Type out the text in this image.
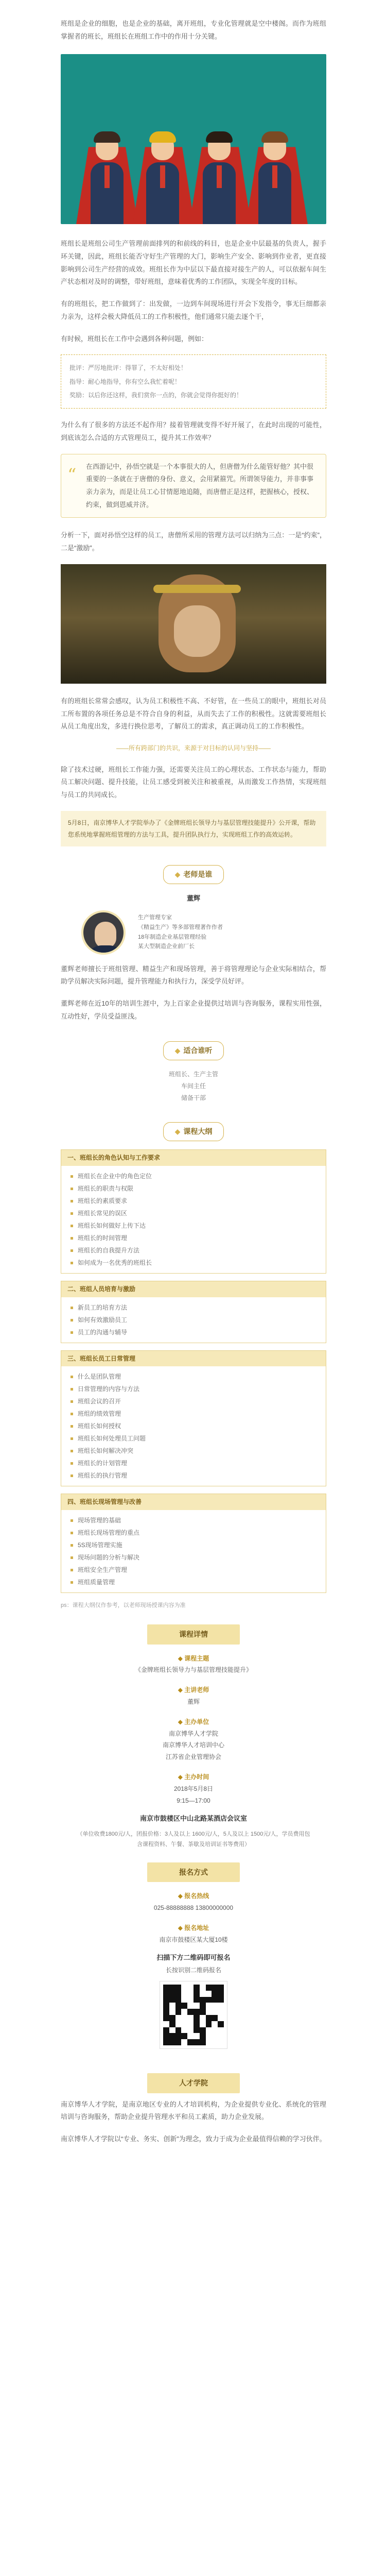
班组是企业的细胞，也是企业的基础，离开班组，专业化管理就是空中楼阁。而作为班组掌握者的班长，班组长在班组工作中的作用十分关键。

班组长是班组公司生产管理前面排列的和前线的科目，也是企业中层最基的负责人，握手环关键，因此，班组长能否守好生产管理的大门，影响生产安全、影响到作业者，更直接影响到公司生产经营的成效。班组长作为中层以下最直接对接生产的人，可以依据车间生产状态相对及时的调整，带好班组，意味着优秀的工作团队，实现全年度的目标。

有的班组长，把工作做到了：出发做，一边到车间现场进行开会下发指令，事无巨细都亲力亲为，这样会极大降低员工的工作积极性，他们通常只能去逐个干，

有时候，班组长在工作中会遇到各种问题，例如：

批评：严厉地批评：得罪了，不太好相处！
指导：耐心地指导，你有空么我忙着呢！
奖励：以后你还这样，我们赏你一点的，你就会觉得你挺好的！

为什么有了很多的方法还不起作用？接着管理就变得不好开展了，在此时出现的可能性，到底该怎么合适的方式管理员工，提升其工作效率？

“ 在西游记中，孙悟空就是一个本事很大的人，但唐僧为什么能管好他？其中很重要的一条就在于唐僧的身份、意义，会用紧箍咒。所谓领导能力，并非事事亲力亲为，而是让员工心甘情愿地追随，而唐僧正是这样，把握核心，授权、约束，做到恩威并济。

分析一下，面对孙悟空这样的员工，唐僧所采用的管理方法可以归纳为三点：一是“约束”，二是“激励”。

有的班组长常常会感叹，认为员工积极性不高、不好管，在一些员工的眼中，班组长对员工所布置的各项任务总是不符合自身的利益，从而失去了工作的积极性。这就需要班组长从员工角度出发，多进行换位思考，了解员工的需求，真正调动员工的工作积极性。

——所有跨部门的共识，来源于对目标的认同与坚持——

除了技术过硬，班组长工作能力强，还需要关注员工的心理状态、工作状态与能力，帮助员工解决问题、提升技能，让员工感受到被关注和被重视，从而激发工作热情，实现班组与员工的共同成长。

5月8日，南京博华人才学院举办了《金牌班组长领导力与基层管理技能提升》公开课，帮助您系统地掌握班组管理的方法与工具，提升团队执行力，实现班组工作的高效运转。
◆ 老师是谁
董辉
生产管理专家
《精益生产》等多部管理著作作者
18年制造企业基层管理经验
某大型制造企业前厂长

董辉老师擅长于班组管理、精益生产和现场管理，善于将管理理论与企业实际相结合，帮助学员解决实际问题，提升管理能力和执行力，深受学员好评。

董辉老师在近10年的培训生涯中，为上百家企业提供过培训与咨询服务，课程实用性强，互动性好，学员受益匪浅。

◆ 适合谁听
班组长、生产主管
车间主任
储备干部
◆ 课程大纲
一、班组长的角色认知与工作要求
班组长在企业中的角色定位
班组长的职责与权限
班组长的素质要求
班组长常见的误区
班组长如何做好上传下达
班组长的时间管理
班组长的自我提升方法
如何成为一名优秀的班组长
二、班组人员培育与激励
新员工的培育方法
如何有效激励员工
员工的沟通与辅导
三、班组长员工日常管理
什么是团队管理
日常管理的内容与方法
班组会议的召开
班组的绩效管理
班组长如何授权
班组长如何处理员工问题
班组长如何解决冲突
班组长的计划管理
班组长的执行管理
四、班组长现场管理与改善
现场管理的基础
班组长现场管理的重点
5S现场管理实施
现场问题的分析与解决
班组安全生产管理
班组质量管理
ps：课程大纲仅作参考，以老师现场授课内容为准
课程详情
◆ 课程主题
《金牌班组长领导力与基层管理技能提升》
◆ 主讲老师
董辉
◆ 主办单位
南京博华人才学院
南京博华人才培训中心
江苏省企业管理协会
◆ 主办时间
2018年5月8日
9:15—17:00
南京市鼓楼区中山北路某酒店会议室
（单位收费1800元/人，团报价格：3人及以上 1600元/人，5人及以上 1500元/人，学员费用包含课程资料、午餐、茶歇及培训证书等费用）
报名方式
◆ 报名热线
025-88888888 13800000000
◆ 报名地址
南京市鼓楼区某大厦10楼
扫描下方二维码即可报名
长按识别二维码报名
人才学院

南京博华人才学院，是南京地区专业的人才培训机构，为企业提供专业化、系统化的管理培训与咨询服务，帮助企业提升管理水平和员工素质，助力企业发展。

南京博华人才学院以“专业、务实、创新”为理念，致力于成为企业最值得信赖的学习伙伴。
